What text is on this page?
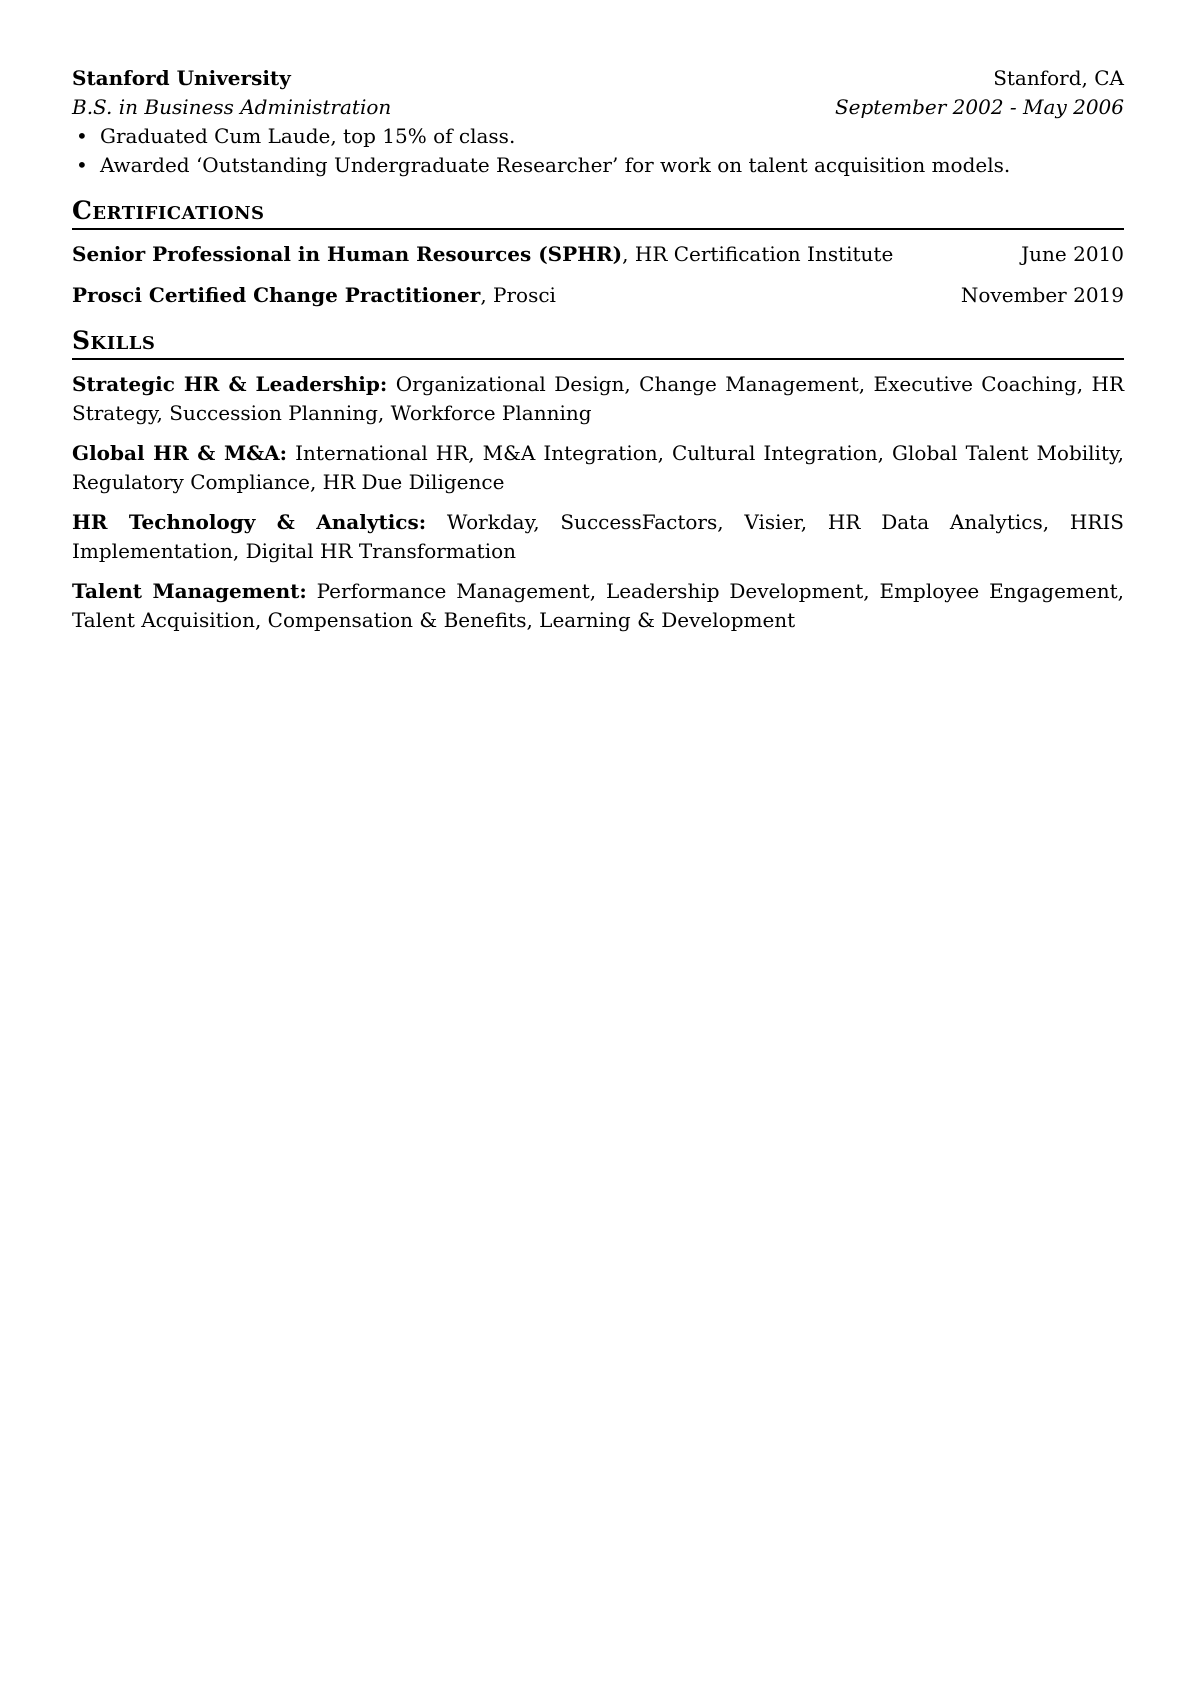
Stanford University	Stanford, CA
B.S. in Business Administration	September 2002 - May 2006
• Graduated Cum Laude, top 15% of class.
• Awarded ‘Outstanding Undergraduate Researcher’ for work on talent acquisition models.
Certifications
Senior Professional in Human Resources (SPHR), HR Certification Institute	June 2010
Prosci Certified Change Practitioner, Prosci	November 2019
Skills
Strategic HR & Leadership: Organizational Design, Change Management, Executive Coaching, HR Strategy, Succession Planning, Workforce Planning
Global HR & M&A: International HR, M&A Integration, Cultural Integration, Global Talent Mobility, Regulatory Compliance, HR Due Diligence
HR Technology & Analytics: Workday, SuccessFactors, Visier, HR Data Analytics, HRIS Implementation, Digital HR Transformation
Talent Management: Performance Management, Leadership Development, Employee Engagement, Talent Acquisition, Compensation & Benefits, Learning & Development
